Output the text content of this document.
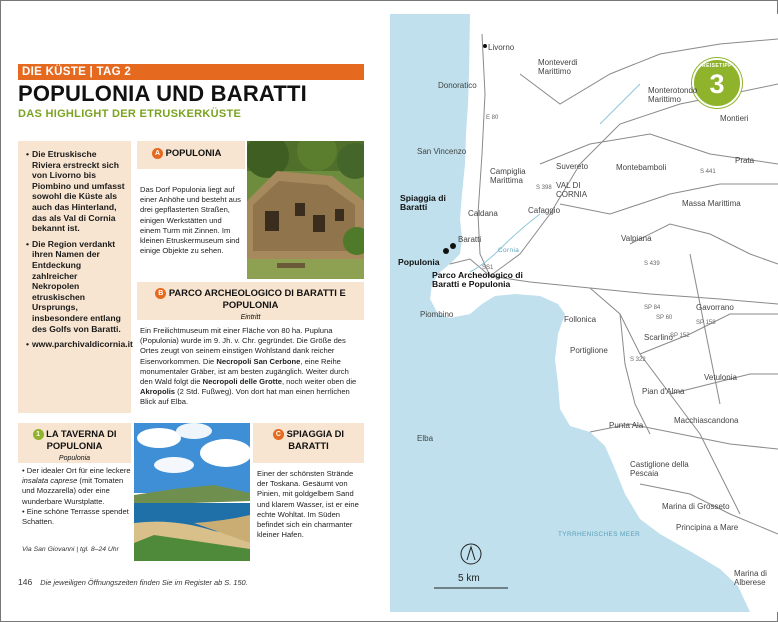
DIE KÜSTE | TAG 2
POPULONIA UND BARATTI
DAS HIGHLIGHT DER ETRUSKERKÜSTE
• Die Etruskische Riviera erstreckt sich von Livorno bis Piombino und umfasst sowohl die Küste als auch das Hinterland, das als Val di Cornia bekannt ist.
• Die Region verdankt ihren Namen der Entdeckung zahlreicher Nekropolen etruskischen Ursprungs, insbesondere entlang des Golfs von Baratti.
• www.parchivaldicornia.it
A POPULONIA
Das Dorf Populonia liegt auf einer Anhöhe und besteht aus drei gepflasterten Straßen, einigen Werkstätten und einem Turm mit Zinnen. Im kleinen Etruskermuseum sind einige Objekte zu sehen.
B PARCO ARCHEOLOGICO DI BARATTI E POPULONIA
Eintritt
Ein Freilichtmuseum mit einer Fläche von 80 ha. Pupluna (Populonia) wurde im 9. Jh. v. Chr. gegründet. Die Größe des Ortes zeugt von seinem einstigen Wohlstand dank reicher Eisenvorkommen. Die Necropoli San Cerbone, eine Reihe monumentaler Gräber, ist am besten zugänglich. Weiter durch den Wald folgt die Necropoli delle Grotte, noch weiter oben die Akropolis (2 Std. Fußweg). Von dort hat man einen herrlichen Blick auf Elba.
1 LA TAVERNA DI POPULONIA
Populonia
• Der idealer Ort für eine leckere insalata caprese (mit Tomaten und Mozzarella) oder eine wunderbare Wurstplatte.
• Eine schöne Terrasse spendet Schatten.
Via San Giovanni | tgl. 8–24 Uhr
C SPIAGGIA DI BARATTI
Einer der schönsten Strände der Toskana. Gesäumt von Pinien, mit goldgelbem Sand und klarem Wasser, ist er eine echte Wohltat. Im Süden befindet sich ein charmanter kleiner Hafen.
146 Die jeweiligen Öffnungszeiten finden Sie im Register ab S. 150.
REISETIPP
3
Livorno
Monteverdi Marittimo
Donoratico
Monterotondo Marittimo
Montieri
San Vincenzo
Campiglia Marittima
Suvereto	Montebamboli
Prata
VAL DI CORNIA
Massa Marittima
Caldana	Cafaggio
Baratti	Valpiana
Spiaggia di Baratti
Populonia
Parco Archeologico di Baratti e Populonia
Piombino
Follonica
Gavorrano
Scarlino
Portiglione
Vetulonia
Pian d'Alma
Macchiascandona
Punta Ala
Elba
Castiglione della Pescaia
Marina di Grosseto
Principina a Mare
TYRRHENISCHES MEER
Marina di Alberese
Cornia
E 80
SS1
S 398
S 439
S 441
SP 60
SP 84
S 322
SP 152
SP 158
5 km
